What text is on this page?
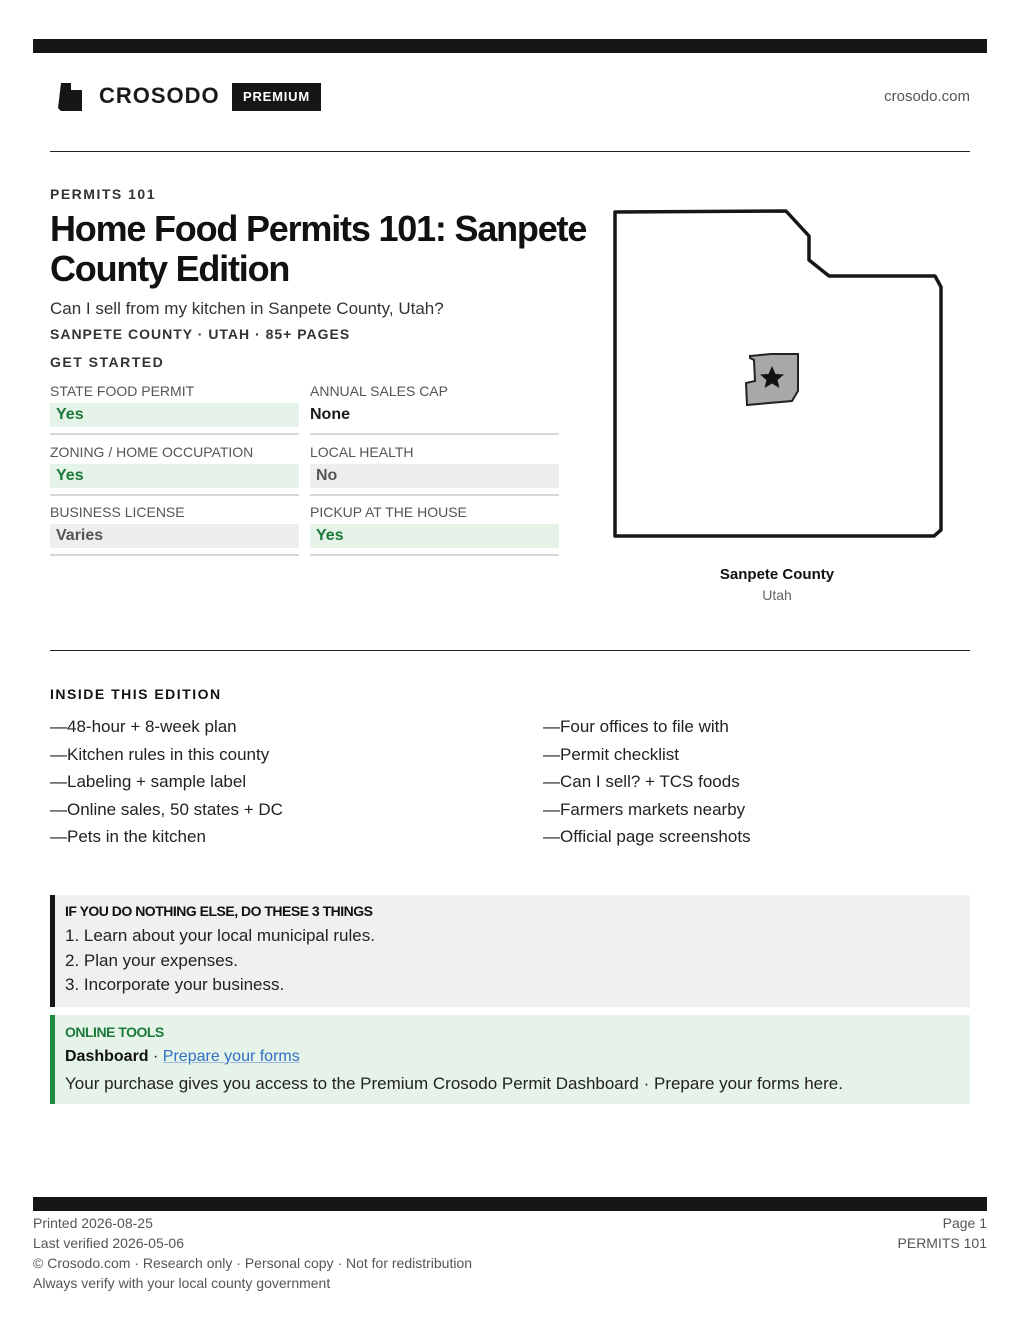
CROSODO	PREMIUM	crosodo.com
PERMITS 101
Home Food Permits 101: Sanpete County Edition
Can I sell from my kitchen in Sanpete County, Utah?
SANPETE COUNTY · UTAH · 85+ PAGES
GET STARTED
STATE FOOD PERMIT
Yes
ANNUAL SALES CAP
None
ZONING / HOME OCCUPATION
Yes
LOCAL HEALTH
No
BUSINESS LICENSE
Varies
PICKUP AT THE HOUSE
Yes
Sanpete County
Utah
INSIDE THIS EDITION
—48-hour + 8-week plan
—Kitchen rules in this county
—Labeling + sample label
—Online sales, 50 states + DC
—Pets in the kitchen
—Four offices to file with
—Permit checklist
—Can I sell? + TCS foods
—Farmers markets nearby
—Official page screenshots
IF YOU DO NOTHING ELSE, DO THESE 3 THINGS
1. Learn about your local municipal rules.
2. Plan your expenses.
3. Incorporate your business.
ONLINE TOOLS
Dashboard · Prepare your forms
Your purchase gives you access to the Premium Crosodo Permit Dashboard · Prepare your forms here.
Printed 2026-08-25
Last verified 2026-05-06
© Crosodo.com · Research only · Personal copy · Not for redistribution
Always verify with your local county government
Page 1
PERMITS 101
